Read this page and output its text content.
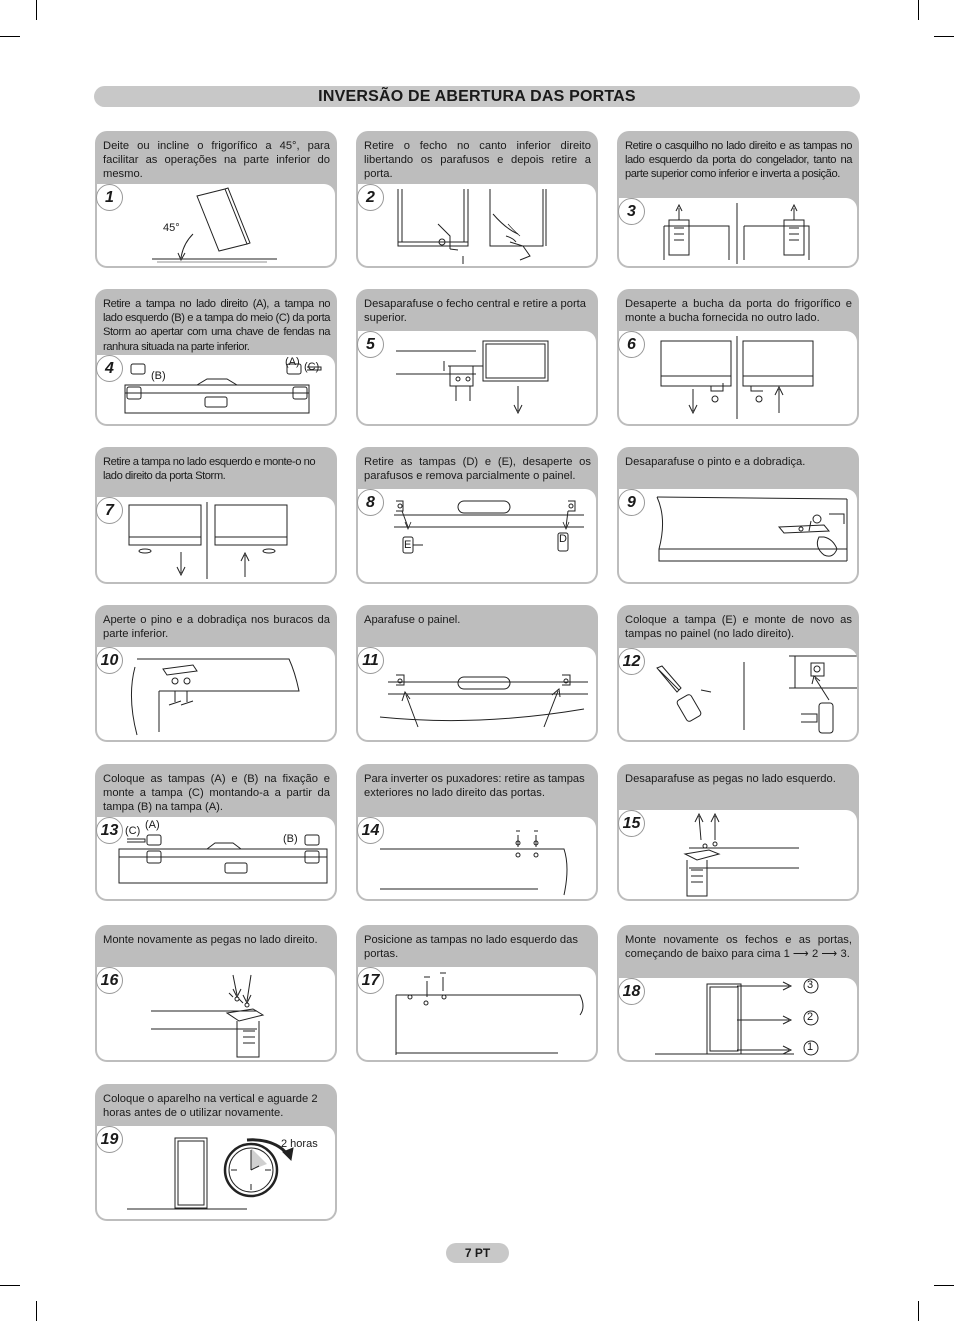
INVERSÃO DE ABERTURA DAS PORTAS
Deite ou incline o frigorífico a 45°, para facilitar as operações na parte inferior do mesmo.
45°
1
Retire o fecho no canto inferior direito libertando os parafusos e depois retire a porta.
2
Retire o casquilho no lado direito e as tampas no lado esquerdo da porta do congelador, tanto na parte superior como inferior e inverta a posição.
3
Retire a tampa no lado direito (A), a tampa no lado esquerdo (B) e a tampa do meio (C) da porta Storm ao apertar com uma chave de fendas na ranhura situada na parte inferior.
(B)
(A) (C)
4
Desaparafuse o fecho central e retire a porta superior.
5
Desaperte a bucha da porta do frigorífico e monte a bucha fornecida no outro lado.
6
Retire a tampa no lado esquerdo e monte-o no lado direito da porta Storm.
7
Retire as tampas (D) e (E), desaperte os parafusos e remova parcialmente o painel.
E	D
8
Desaparafuse o pinto e a dobradiça.
9
Aperte o pino e a dobradiça nos buracos da parte inferior.
10
Aparafuse o painel.
11
Coloque a tampa (E) e monte de novo as tampas no painel (no lado direito).
12
Coloque as tampas (A) e (B) na fixação e monte a tampa (C) montando-a a partir da tampa (B) na tampa (A).
(C) (A)
(B)
13
Para inverter os puxadores: retire as tampas exteriores no lado direito das portas.
14
Desaparafuse as pegas no lado esquerdo.
15
Monte novamente as pegas no lado direito.
16
Posicione as tampas no lado esquerdo das portas.
17
Monte novamente os fechos e as portas, começando de baixo para cima 1 ⟶ 2 ⟶ 3.
3
2
1
18
Coloque o aparelho na vertical e aguarde 2 horas antes de o utilizar novamente.
2 horas
19
7 PT
